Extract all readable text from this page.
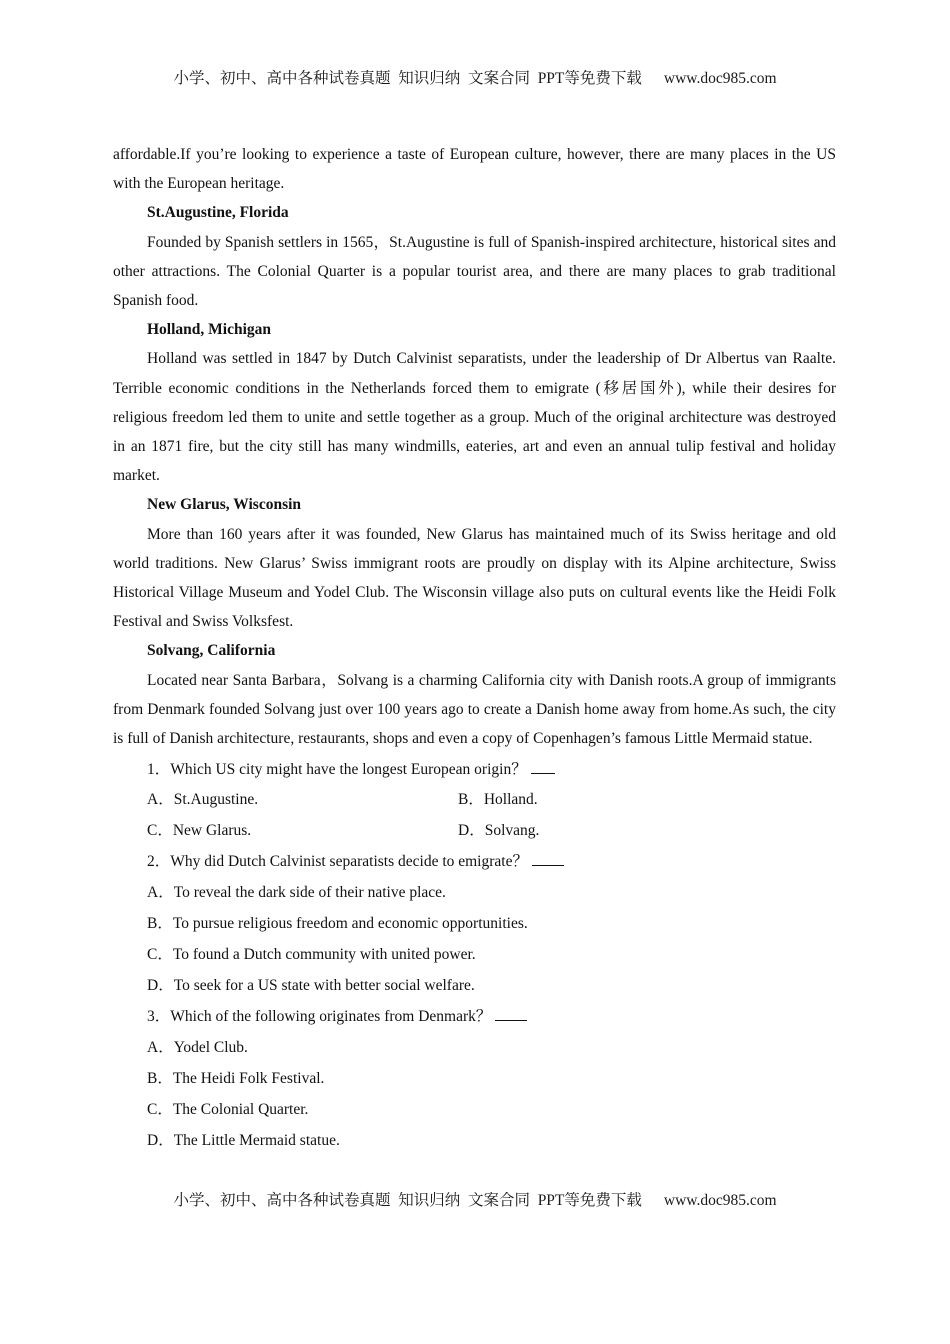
小学、初中、高中各种试卷真题  知识归纳  文案合同  PPT等免费下载 www.doc985.com

affordable.If you’re looking to experience a taste of European culture, however, there are many places in the US with the European heritage.

St.Augustine, Florida

Founded by Spanish settlers in 1565，St.Augustine is full of Spanish-inspired architecture, historical sites and other attractions. The Colonial Quarter is a popular tourist area, and there are many places to grab traditional Spanish food.

Holland, Michigan

Holland was settled in 1847 by Dutch Calvinist separatists, under the leadership of Dr Albertus van Raalte. Terrible economic conditions in the Netherlands forced them to emigrate (移居国外), while their desires for religious freedom led them to unite and settle together as a group. Much of the original architecture was destroyed in an 1871 fire, but the city still has many windmills, eateries, art and even an annual tulip festival and holiday market.

New Glarus, Wisconsin

More than 160 years after it was founded, New Glarus has maintained much of its Swiss heritage and old world traditions. New Glarus’ Swiss immigrant roots are proudly on display with its Alpine architecture, Swiss Historical Village Museum and Yodel Club. The Wisconsin village also puts on cultural events like the Heidi Folk Festival and Swiss Volksfest.

Solvang, California

Located near Santa Barbara，Solvang is a charming California city with Danish roots.A group of immigrants from Denmark founded Solvang just over 100 years ago to create a Danish home away from home.As such, the city is full of Danish architecture, restaurants, shops and even a copy of Copenhagen’s famous Little Mermaid statue.

1．Which US city might have the longest European origin？
A．St.Augustine.	B．Holland.
C．New Glarus.	D．Solvang.
2．Why did Dutch Calvinist separatists decide to emigrate？
A．To reveal the dark side of their native place.
B．To pursue religious freedom and economic opportunities.
C．To found a Dutch community with united power.
D．To seek for a US state with better social welfare.
3．Which of the following originates from Denmark？
A．Yodel Club.
B．The Heidi Folk Festival.
C．The Colonial Quarter.
D．The Little Mermaid statue.
小学、初中、高中各种试卷真题  知识归纳  文案合同  PPT等免费下载 www.doc985.com
